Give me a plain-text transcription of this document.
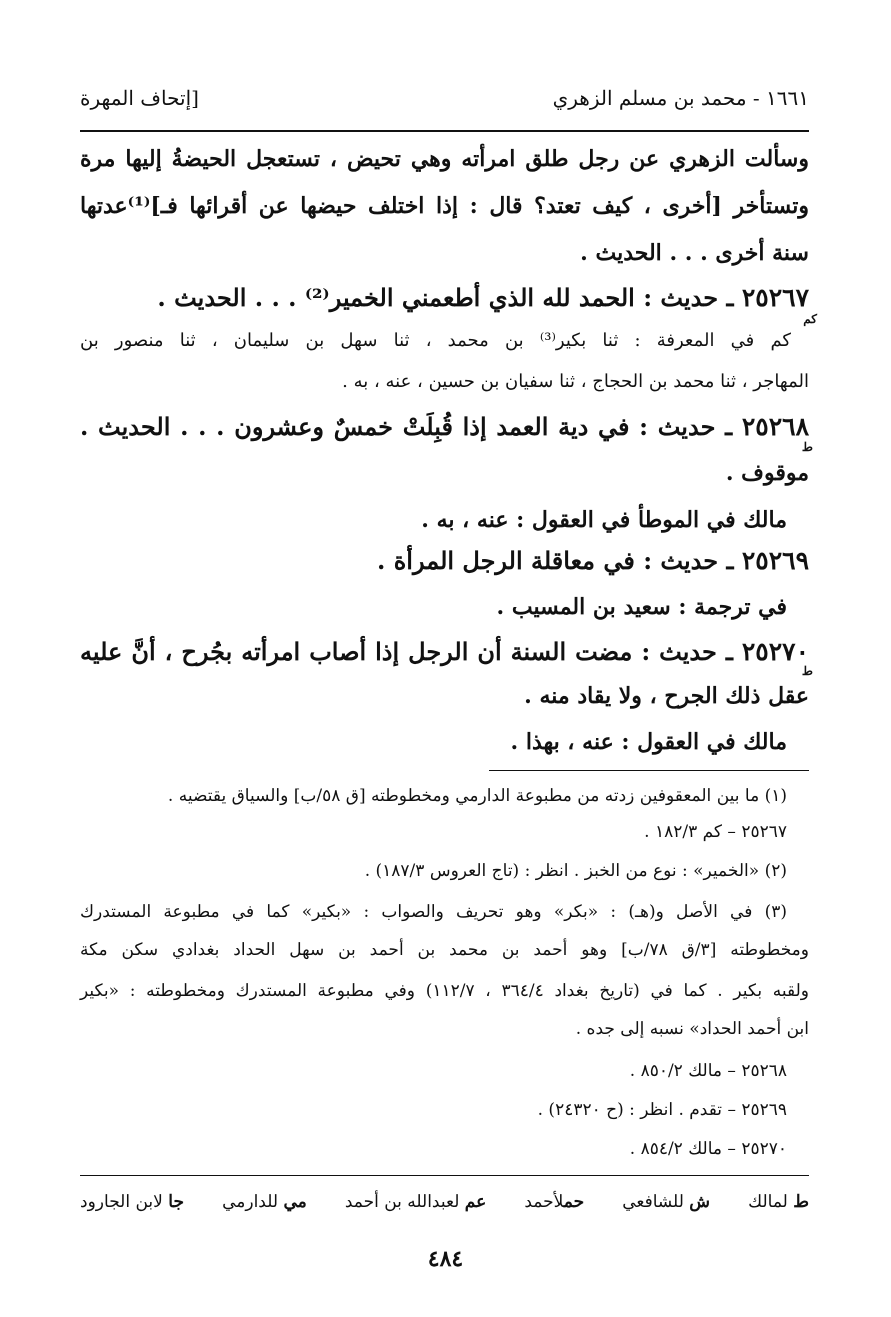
١٦٦١ - محمد بن مسلم الزهري
[إتحاف المهرة
وسألت الزهري عن رجل طلق امرأته وهي تحيض ، تستعجل الحيضةُ إليها مرة
وتستأخر [أخرى ، كيف تعتد؟ قال : إذا اختلف حيضها عن أقرائها فـ]⁽¹⁾عدتها
سنة أخرى . . . الحديث .
٢٥٢٦٧ ـ حديث : الحمد لله الذي أطعمني الخمير⁽²⁾ . . . الحديث .
كم
كم في المعرفة : ثنا بكير⁽³⁾ بن محمد ، ثنا سهل بن سليمان ، ثنا منصور بن
المهاجر ، ثنا محمد بن الحجاج ، ثنا سفيان بن حسين ، عنه ، به .
٢٥٢٦٨ ـ حديث : في دية العمد إذا قُبِلَتْ خمسٌ وعشرون . . . الحديث .
ط
موقوف .
مالك في الموطأ في العقول : عنه ، به .
٢٥٢٦٩ ـ حديث : في معاقلة الرجل المرأة .
في ترجمة : سعيد بن المسيب .
٢٥٢٧٠ ـ حديث : مضت السنة أن الرجل إذا أصاب امرأته بجُرح ، أنَّ عليه
ط
عقل ذلك الجرح ، ولا يقاد منه .
مالك في العقول : عنه ، بهذا .
(١) ما بين المعقوفين زدته من مطبوعة الدارمي ومخطوطته [ق ٥٨/ب] والسياق يقتضيه .
٢٥٢٦٧ – كم ١٨٢/٣ .
(٢) «الخمير» : نوع من الخبز . انظر : (تاج العروس ١٨٧/٣) .
(٣) في الأصل و(هـ) : «بكر» وهو تحريف والصواب : «بكير» كما في مطبوعة المستدرك
ومخطوطته [٣/ق ٧٨/ب] وهو أحمد بن محمد بن أحمد بن سهل الحداد بغدادي سكن مكة
ولقبه بكير . كما في (تاريخ بغداد ٣٦٤/٤ ، ١١٢/٧) وفي مطبوعة المستدرك ومخطوطته : «بكير
ابن أحمد الحداد» نسبه إلى جده .
٢٥٢٦٨ – مالك ٨٥٠/٢ .
٢٥٢٦٩ – تقدم . انظر : (ح ٢٤٣٢٠) .
٢٥٢٧٠ – مالك ٨٥٤/٢ .
ط لمالك
ش للشافعي
حملأحمد
عم لعبدالله بن أحمد
مي للدارمي
جا لابن الجارود
٤٨٤
